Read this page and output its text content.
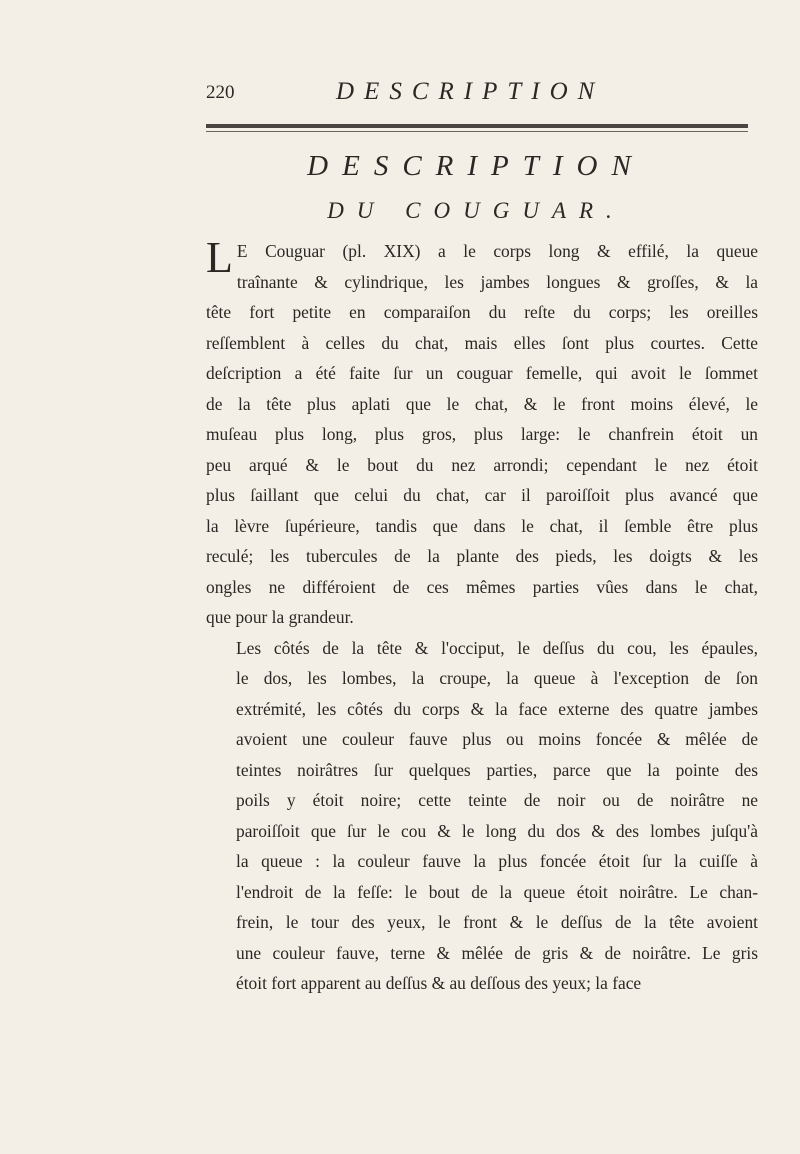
220	DESCRIPTION
DESCRIPTION
DU COUGUAR.
L E Couguar (pl. XIX) a le corps long & effilé, la queue
traînante & cylindrique, les jambes longues & groſſes, & la
tête fort petite en comparaiſon du reſte du corps; les oreilles
reſſemblent à celles du chat, mais elles ſont plus courtes. Cette
deſcription a été faite ſur un couguar femelle, qui avoit le ſommet
de la tête plus aplati que le chat, & le front moins élevé, le
muſeau plus long, plus gros, plus large: le chanfrein étoit un
peu arqué & le bout du nez arrondi; cependant le nez étoit
plus ſaillant que celui du chat, car il paroiſſoit plus avancé que
la lèvre ſupérieure, tandis que dans le chat, il ſemble être plus
reculé; les tubercules de la plante des pieds, les doigts & les
ongles ne différoient de ces mêmes parties vûes dans le chat,
que pour la grandeur.
Les côtés de la tête & l'occiput, le deſſus du cou, les épaules,
le dos, les lombes, la croupe, la queue à l'exception de ſon
extrémité, les côtés du corps & la face externe des quatre jambes
avoient une couleur fauve plus ou moins foncée & mêlée de
teintes noirâtres ſur quelques parties, parce que la pointe des
poils y étoit noire; cette teinte de noir ou de noirâtre ne
paroiſſoit que ſur le cou & le long du dos & des lombes juſqu'à
la queue : la couleur fauve la plus foncée étoit ſur la cuiſſe à
l'endroit de la feſſe: le bout de la queue étoit noirâtre. Le chan-
frein, le tour des yeux, le front & le deſſus de la tête avoient
une couleur fauve, terne & mêlée de gris & de noirâtre. Le gris
étoit fort apparent au deſſus & au deſſous des yeux; la face
